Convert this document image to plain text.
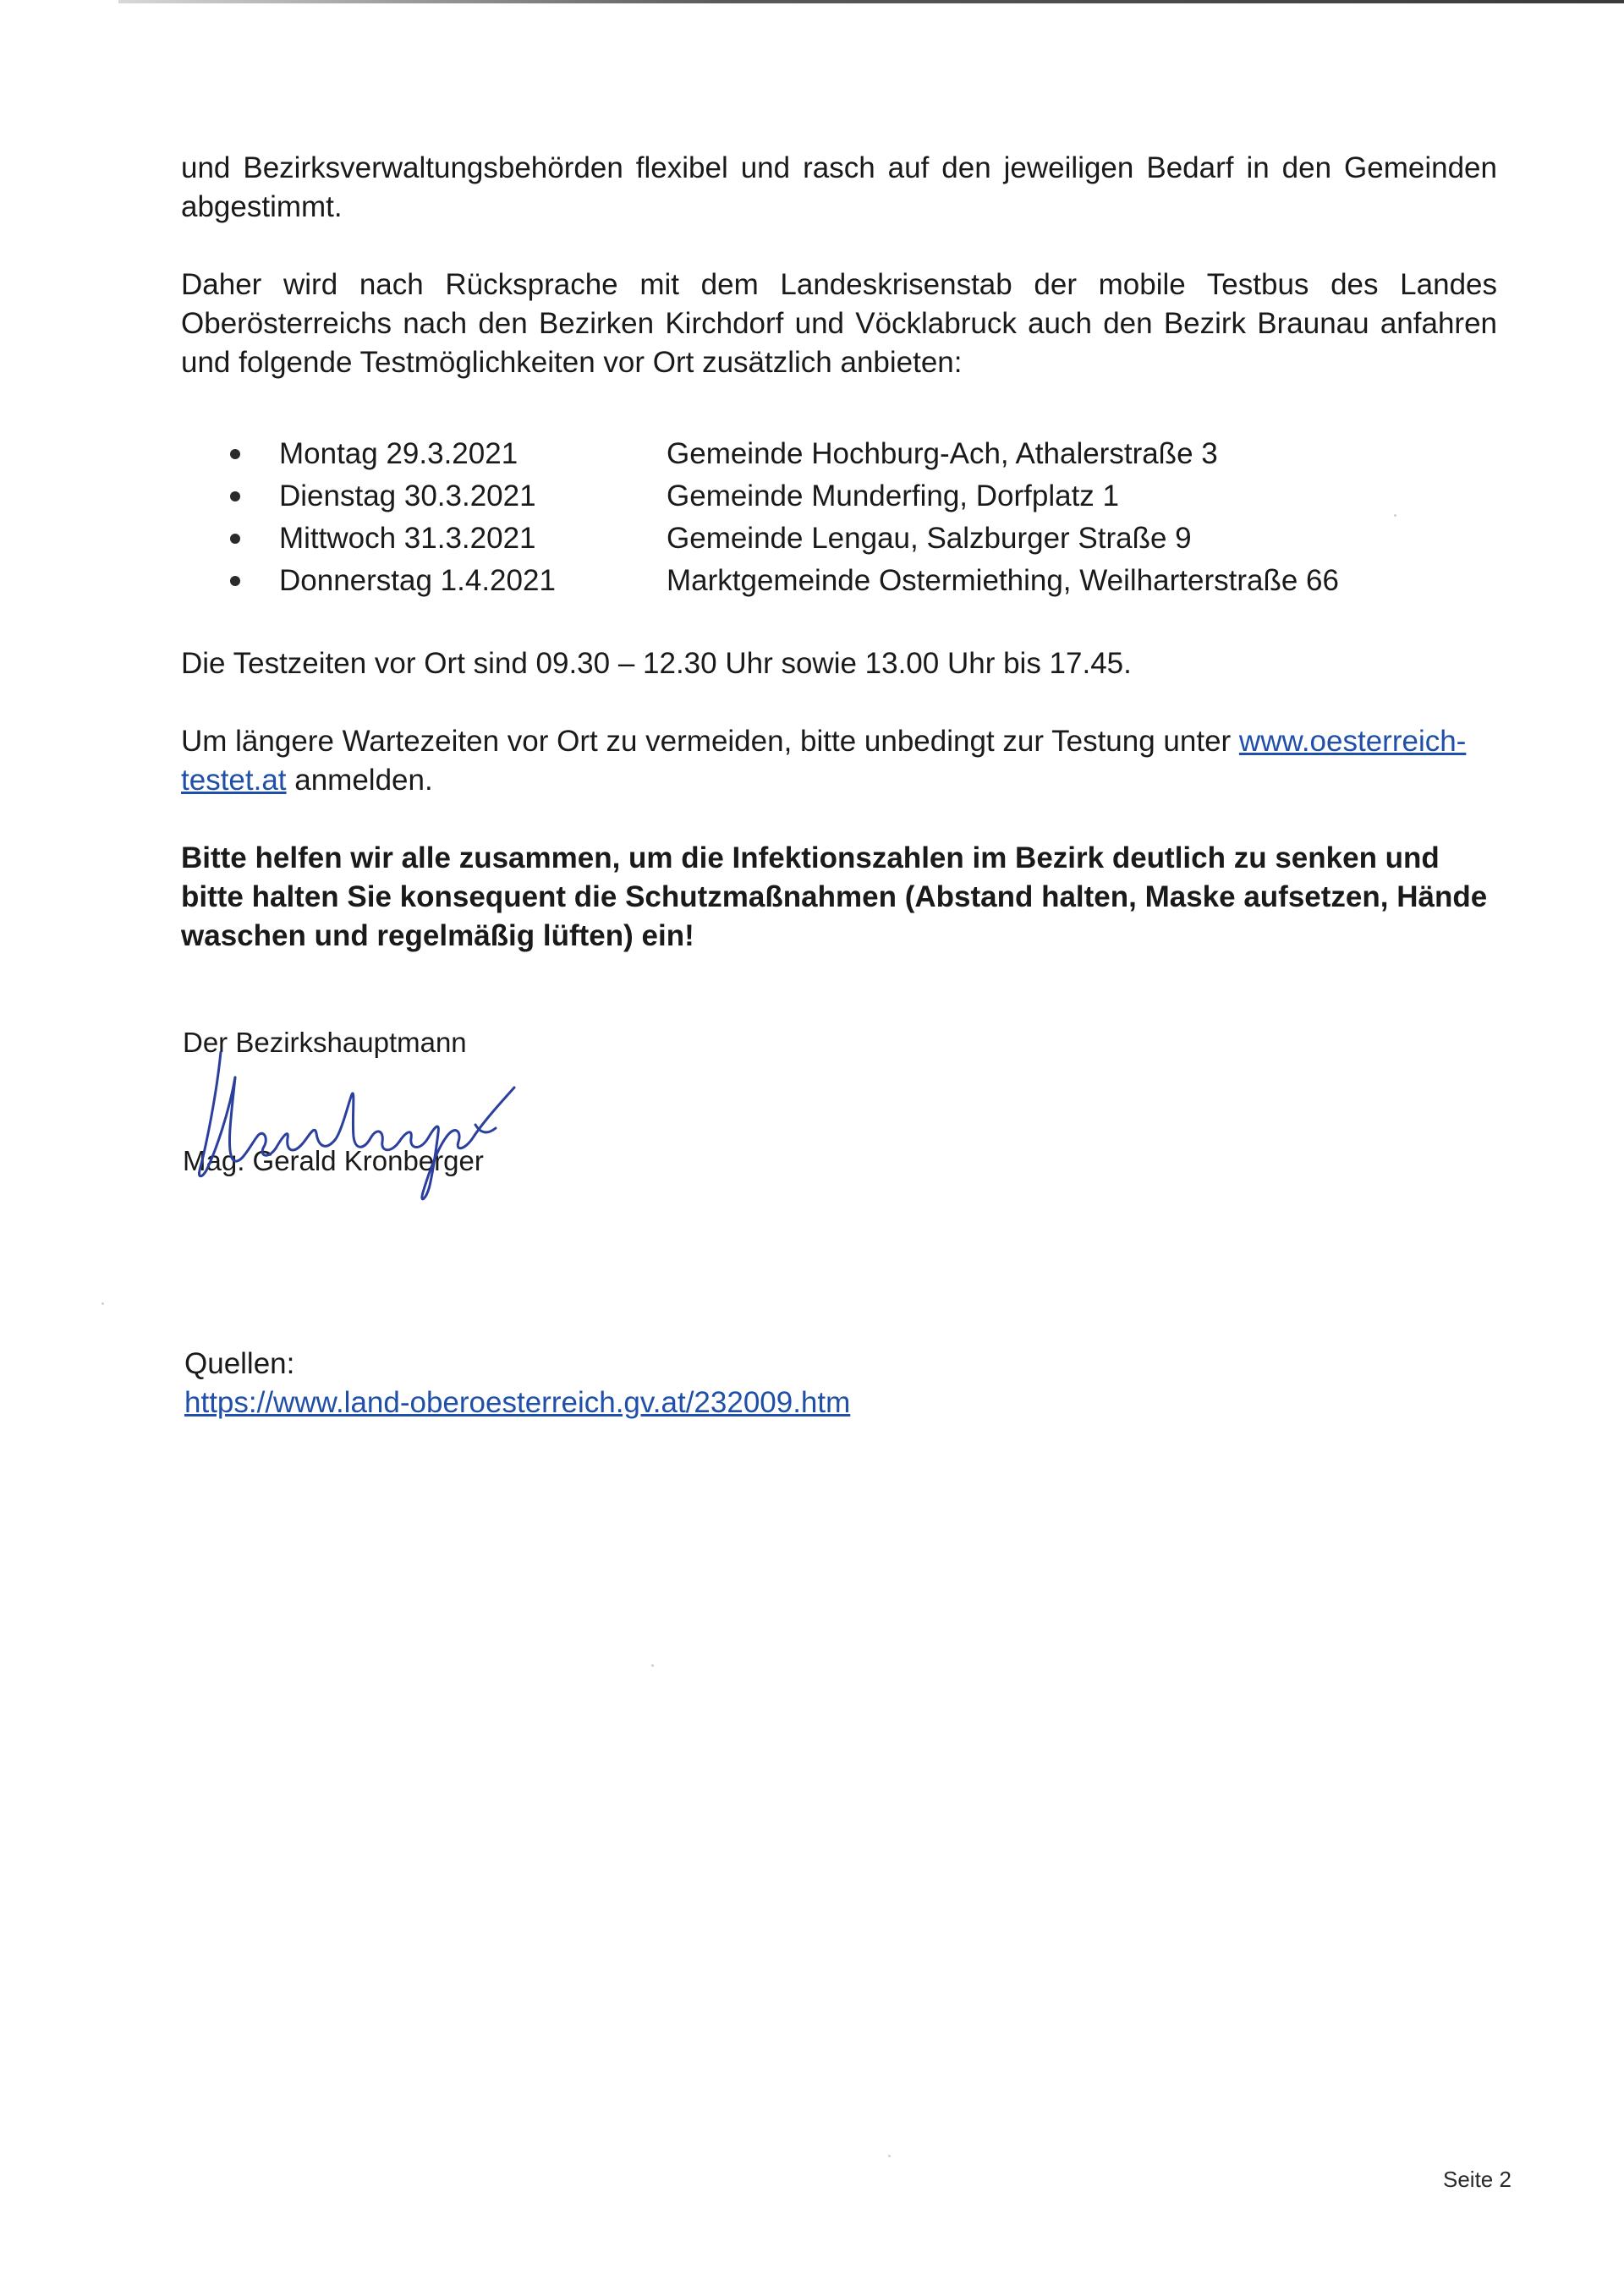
und Bezirksverwaltungsbehörden flexibel und rasch auf den jeweiligen Bedarf in den Gemeinden abgestimmt.

Daher wird nach Rücksprache mit dem Landeskrisenstab der mobile Testbus des Landes Oberösterreichs nach den Bezirken Kirchdorf und Vöcklabruck auch den Bezirk Braunau anfahren und folgende Testmöglichkeiten vor Ort zusätzlich anbieten:

Montag 29.3.2021	Gemeinde Hochburg-Ach, Athalerstraße 3
Dienstag 30.3.2021	Gemeinde Munderfing, Dorfplatz 1
Mittwoch 31.3.2021	Gemeinde Lengau, Salzburger Straße 9
Donnerstag 1.4.2021	Marktgemeinde Ostermiething, Weilharterstraße 66

Die Testzeiten vor Ort sind 09.30 – 12.30 Uhr sowie 13.00 Uhr bis 17.45.

Um längere Wartezeiten vor Ort zu vermeiden, bitte unbedingt zur Testung unter www.oesterreich-testet.at anmelden.

Bitte helfen wir alle zusammen, um die Infektionszahlen im Bezirk deutlich zu senken und bitte halten Sie konsequent die Schutzmaßnahmen (Abstand halten, Maske aufsetzen, Hände waschen und regelmäßig lüften) ein!

Der Bezirkshauptmann
Mag. Gerald Kronberger
Quellen:
https://www.land-oberoesterreich.gv.at/232009.htm
Seite 2
